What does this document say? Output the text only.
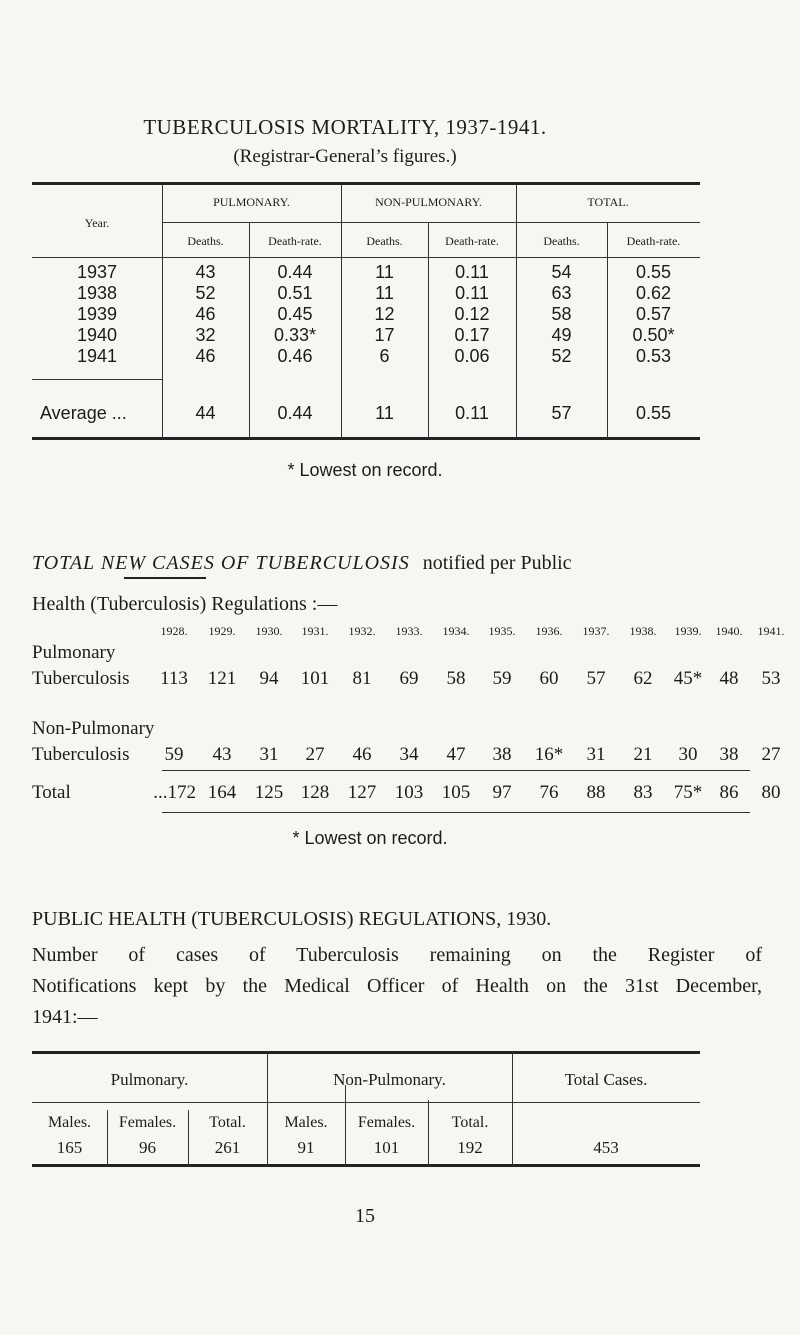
TUBERCULOSIS MORTALITY, 1937-1941.
(Registrar-General’s figures.)
Year.
PULMONARY.	NON-PULMONARY.	TOTAL.
Deaths.	Death-rate.	Deaths.	Death-rate.	Deaths.	Death-rate.
1937	43	0.44	11	0.11	54	0.55
1938	52	0.51	11	0.11	63	0.62
1939	46	0.45	12	0.12	58	0.57
1940	32	0.33*	17	0.17	49	0.50*
1941	46	0.46	6	0.06	52	0.53
Average ...	44	0.44	11	0.11	57	0.55
* Lowest on record.
TOTAL NEW CASES OF TUBERCULOSIS notified per Public
Health (Tuberculosis) Regulations :—
1928.	1929.	1930.	1931.	1932.	1933.	1934.	1935.	1936.	1937.	1938.	1939.	1940.	1941.
Pulmonary
Tuberculosis	113	121	94	101	81	69	58	59	60	57	62	45* 48	53
Non-Pulmonary
Tuberculosis	59	43	31	27	46	34	47	38	16*	31	21	30	38	27
Total	...172 164 125 128 127 103 105	97	76	88	83	75* 86	80
* Lowest on record.
PUBLIC HEALTH (TUBERCULOSIS) REGULATIONS, 1930.
Number of cases of Tuberculosis remaining on the Register of
Notifications kept by the Medical Officer of Health on the 31st December,
1941:—
Pulmonary.	Non-Pulmonary.	Total Cases.
Males.	Females.	Total.	Males.	Females.	Total.
165	96	261	91	101	192	453
15
